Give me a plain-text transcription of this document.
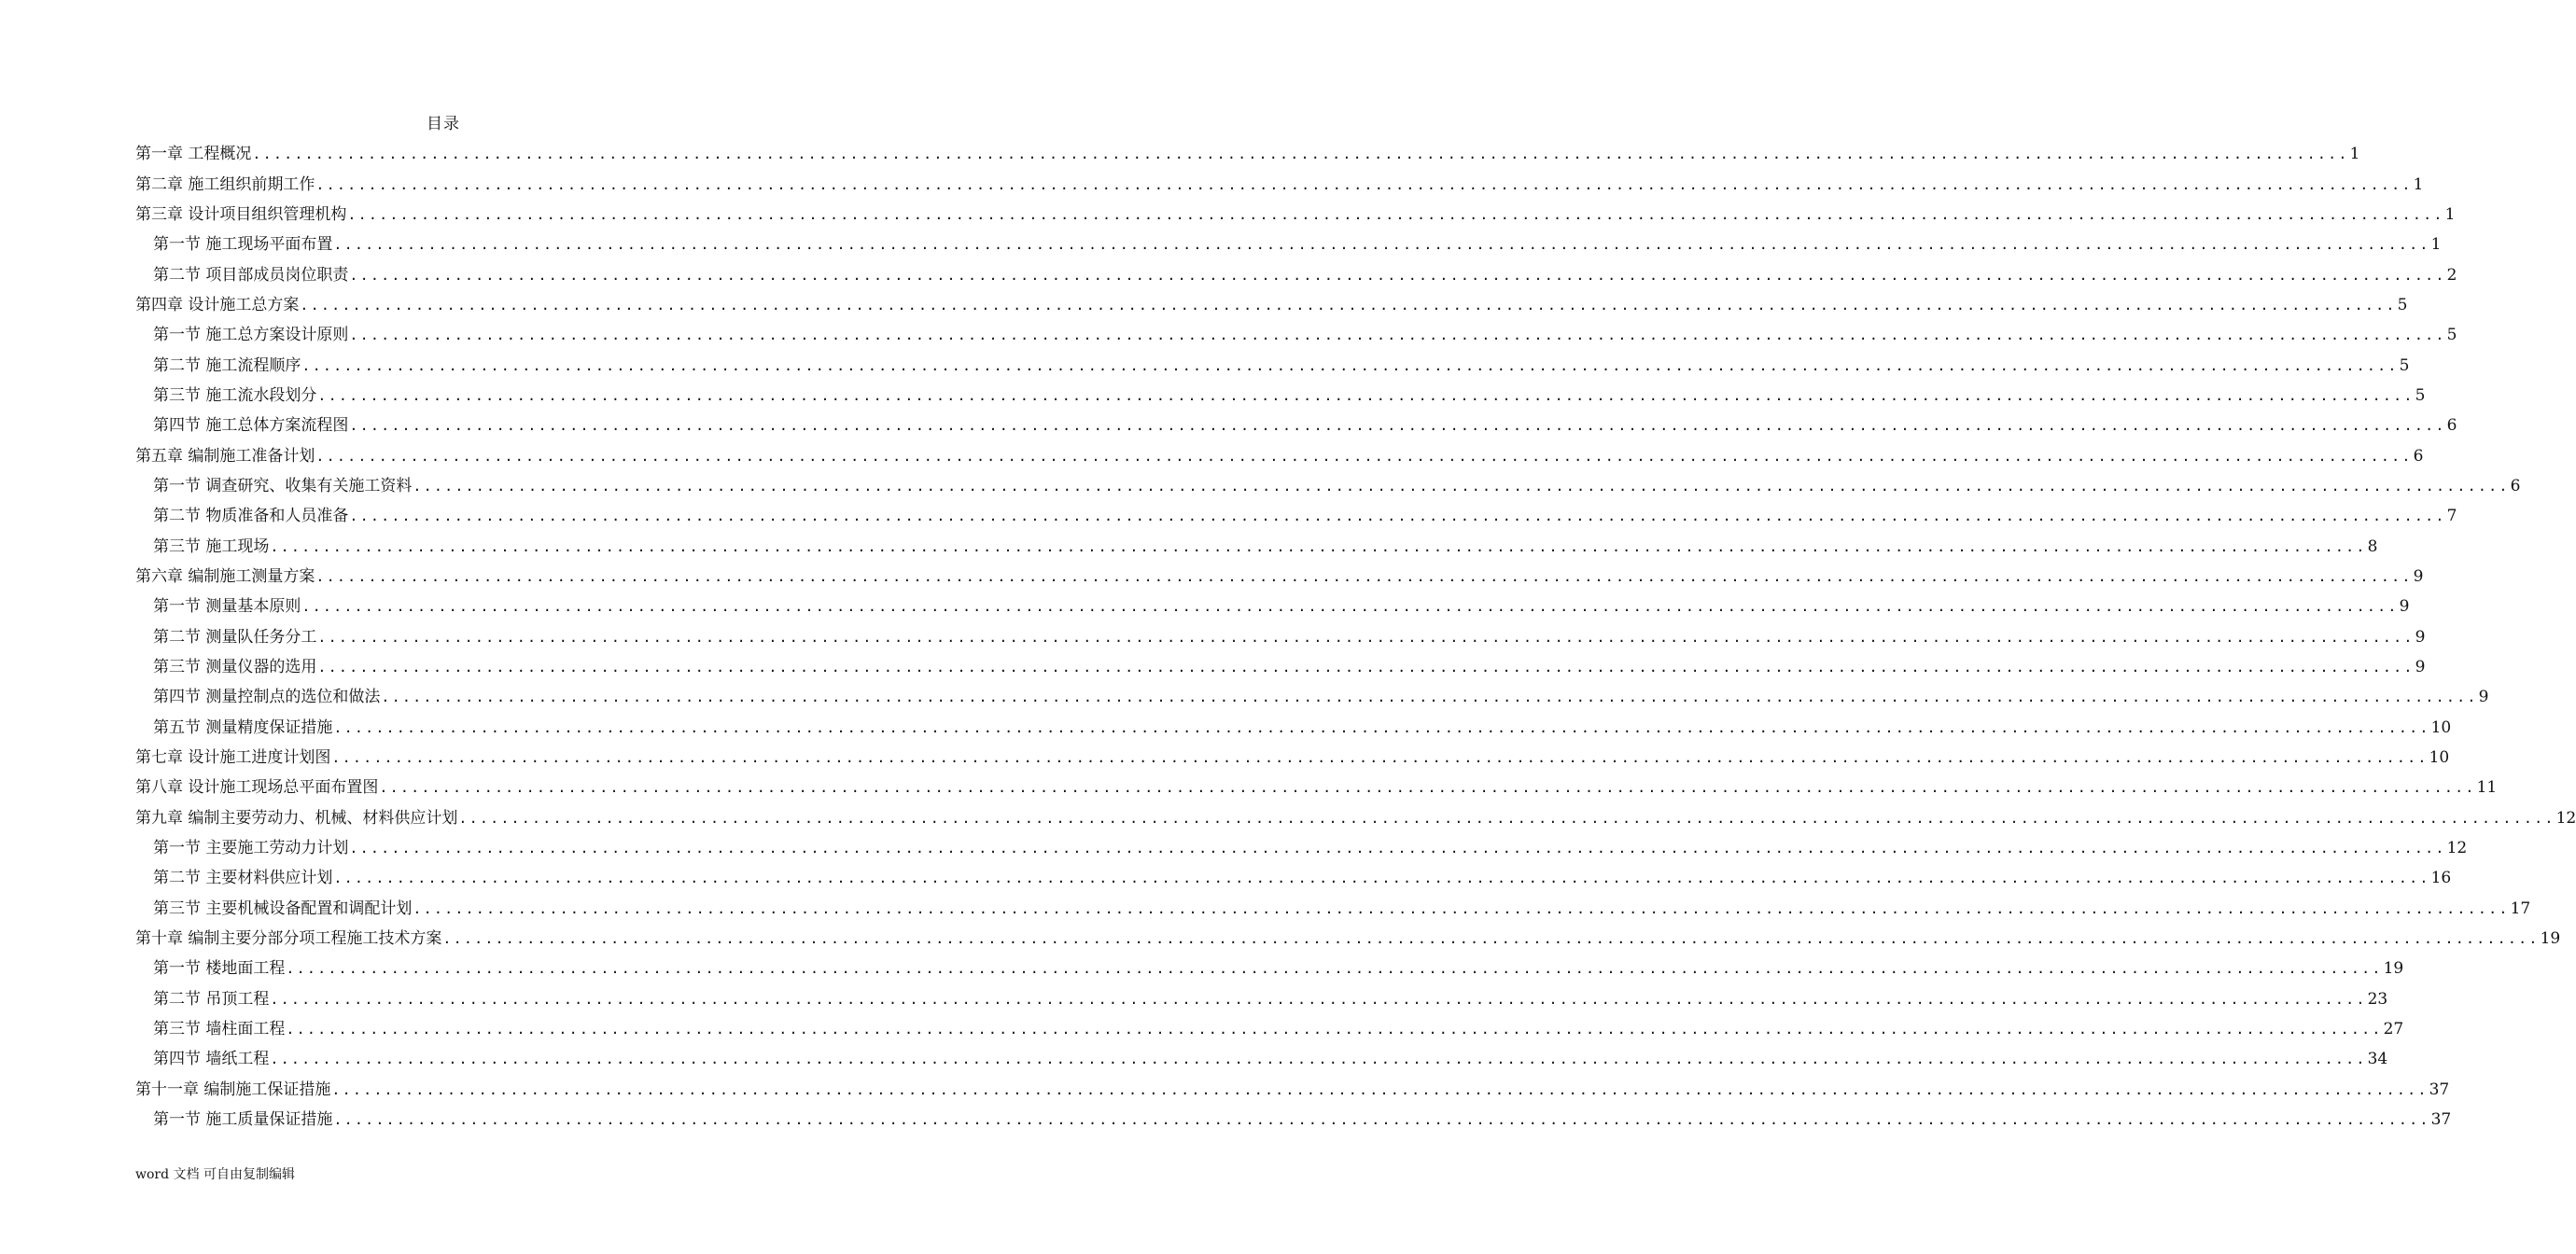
目录
第一章 工程概况 ........................................................................................................................................................................................................ 1
第二章 施工组织前期工作 ........................................................................................................................................................................................................ 1
第三章 设计项目组织管理机构 ........................................................................................................................................................................................................ 1
第一节 施工现场平面布置 ........................................................................................................................................................................................................ 1
第二节 项目部成员岗位职责 ........................................................................................................................................................................................................ 2
第四章 设计施工总方案 ........................................................................................................................................................................................................ 5
第一节 施工总方案设计原则 ........................................................................................................................................................................................................ 5
第二节 施工流程顺序 ........................................................................................................................................................................................................ 5
第三节 施工流水段划分 ........................................................................................................................................................................................................ 5
第四节 施工总体方案流程图 ........................................................................................................................................................................................................ 6
第五章 编制施工准备计划 ........................................................................................................................................................................................................ 6
第一节 调查研究、收集有关施工资料 ........................................................................................................................................................................................................ 6
第二节 物质准备和人员准备 ........................................................................................................................................................................................................ 7
第三节 施工现场 ........................................................................................................................................................................................................ 8
第六章 编制施工测量方案 ........................................................................................................................................................................................................ 9
第一节 测量基本原则 ........................................................................................................................................................................................................ 9
第二节 测量队任务分工 ........................................................................................................................................................................................................ 9
第三节 测量仪器的选用 ........................................................................................................................................................................................................ 9
第四节 测量控制点的选位和做法 ........................................................................................................................................................................................................ 9
第五节 测量精度保证措施 ........................................................................................................................................................................................................ 10
第七章 设计施工进度计划图 ........................................................................................................................................................................................................ 10
第八章 设计施工现场总平面布置图 ........................................................................................................................................................................................................ 11
第九章 编制主要劳动力、机械、材料供应计划 ........................................................................................................................................................................................................ 12
第一节 主要施工劳动力计划 ........................................................................................................................................................................................................ 12
第二节 主要材料供应计划 ........................................................................................................................................................................................................ 16
第三节 主要机械设备配置和调配计划 ........................................................................................................................................................................................................ 17
第十章 编制主要分部分项工程施工技术方案 ........................................................................................................................................................................................................ 19
第一节 楼地面工程 ........................................................................................................................................................................................................ 19
第二节 吊顶工程 ........................................................................................................................................................................................................ 23
第三节 墙柱面工程 ........................................................................................................................................................................................................ 27
第四节 墙纸工程 ........................................................................................................................................................................................................ 34
第十一章 编制施工保证措施 ........................................................................................................................................................................................................ 37
第一节 施工质量保证措施 ........................................................................................................................................................................................................ 37
word 文档 可自由复制编辑
